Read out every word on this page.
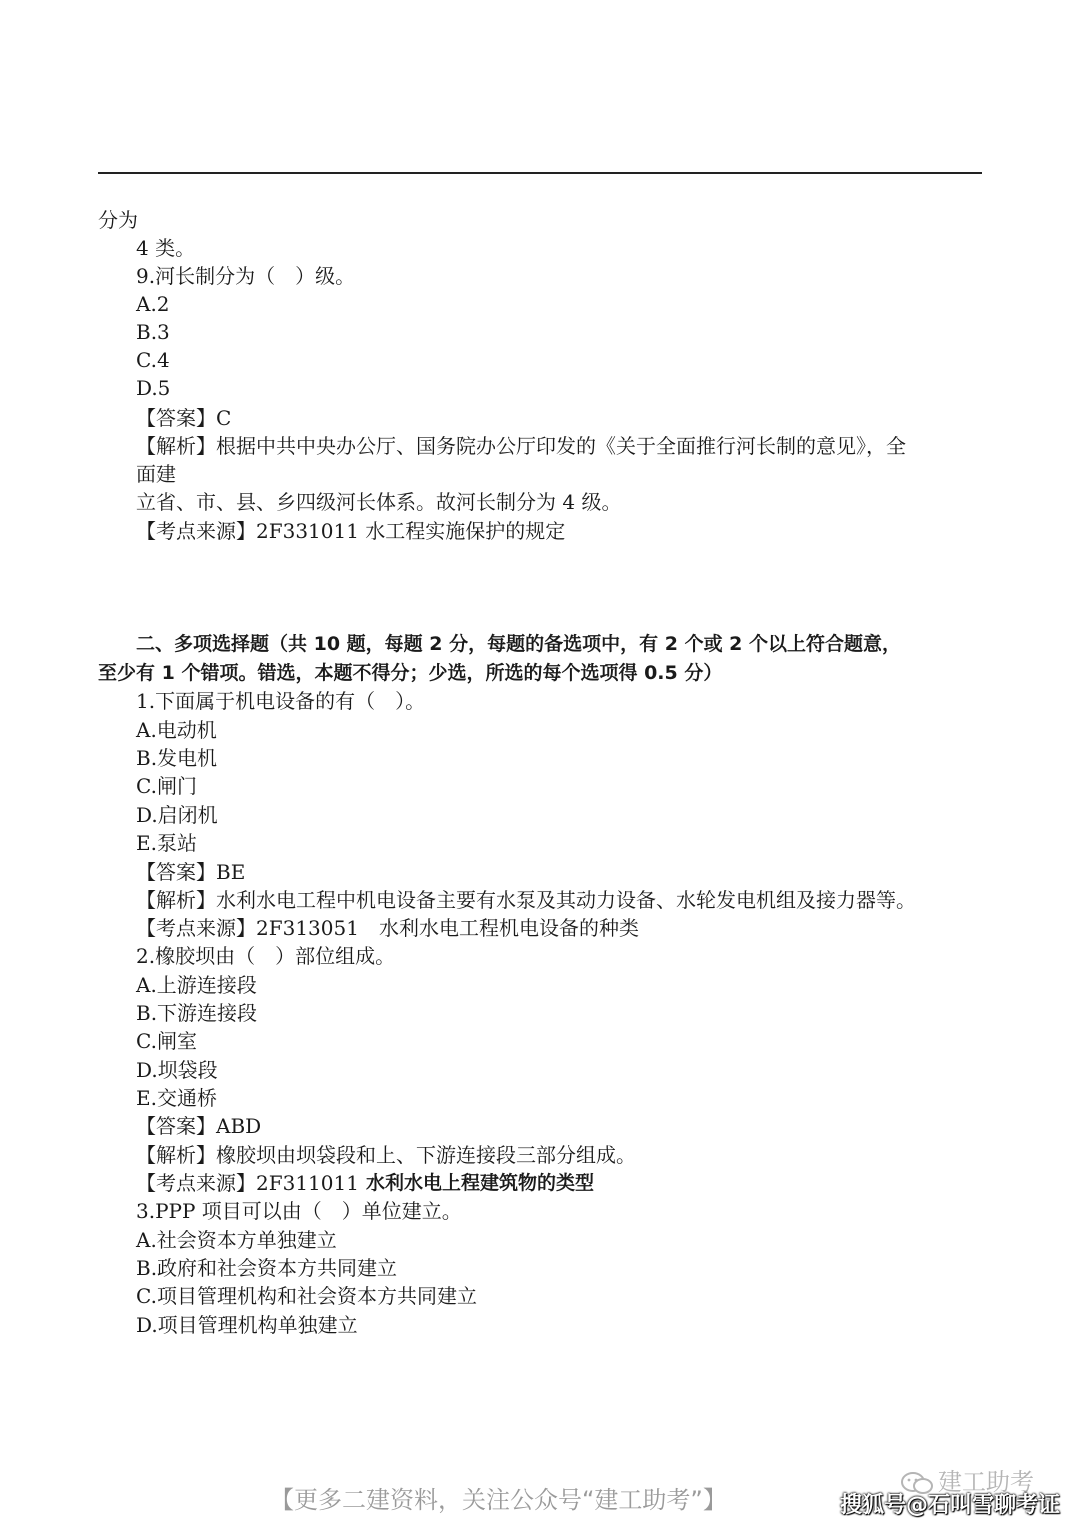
分为
4 类。
9.河长制分为（　）级。
A.2
B.3
C.4
D.5
【答案】C
【解析】根据中共中央办公厅、国务院办公厅印发的《关于全面推行河长制的意见》，全
面建
立省、市、县、乡四级河长体系。故河长制分为 4 级。
【考点来源】2F331011 水工程实施保护的规定
二、多项选择题（共 10 题，每题 2 分，每题的备选项中，有 2 个或 2 个以上符合题意，
至少有 1 个错项。错选，本题不得分；少选，所选的每个选项得 0.5 分）
1.下面属于机电设备的有（　）。
A.电动机
B.发电机
C.闸门
D.启闭机
E.泵站
【答案】BE
【解析】水利水电工程中机电设备主要有水泵及其动力设备、水轮发电机组及接力器等。
【考点来源】2F313051　水利水电工程机电设备的种类
2.橡胶坝由（　）部位组成。
A.上游连接段
B.下游连接段
C.闸室
D.坝袋段
E.交通桥
【答案】ABD
【解析】橡胶坝由坝袋段和上、下游连接段三部分组成。
【考点来源】2F311011 水利水电上程建筑物的类型
3.PPP 项目可以由（　）单位建立。
A.社会资本方单独建立
B.政府和社会资本方共同建立
C.项目管理机构和社会资本方共同建立
D.项目管理机构单独建立
【更多二建资料，关注公众号“建工助考”】
建工助考
搜狐号@石叫雪聊考证
